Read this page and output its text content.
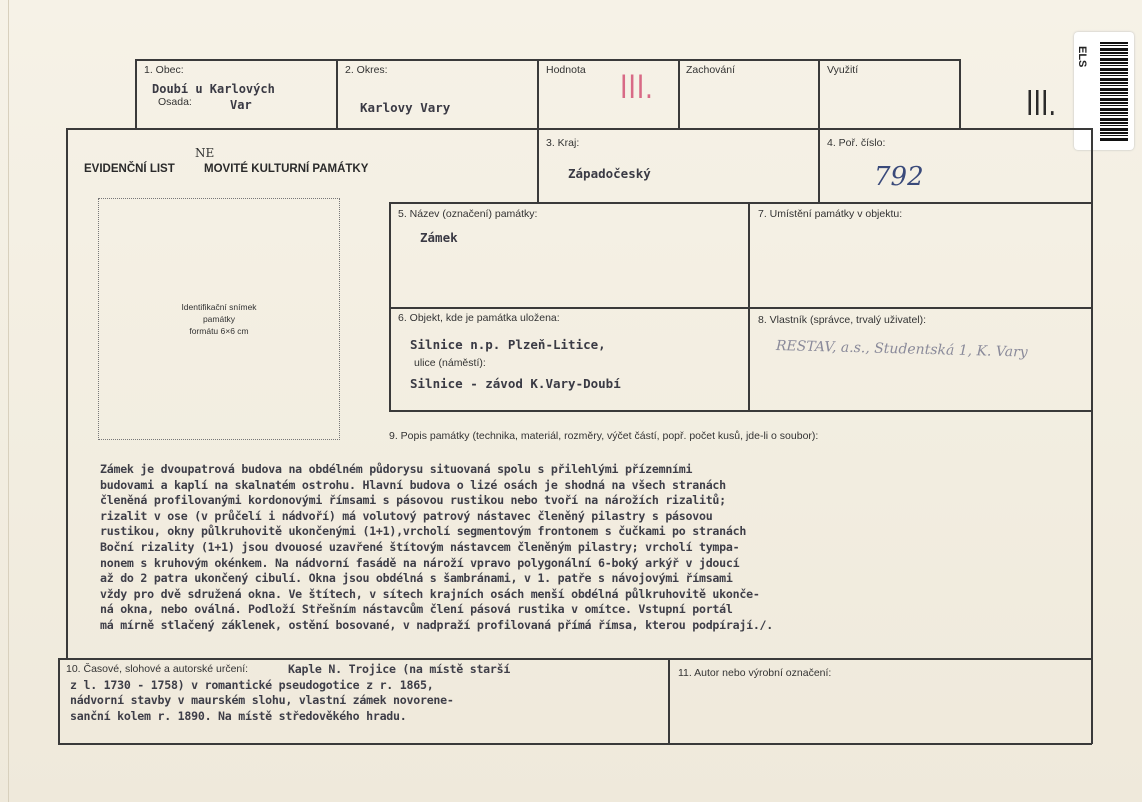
1. Obec:
Doubí u Karlových
Osada:	Var
2. Okres:
Karlovy Vary
Hodnota III.	Zachování	Využití
III.
ELS
EVIDENČNÍ LIST
NE
MOVITÉ KULTURNÍ PAMÁTKY
3. Kraj:
Západočeský
4. Poř. číslo:
792
Identifikační snímek
památky
formátu 6×6 cm
5. Název (označení) památky:
Zámek
7. Umístění památky v objektu:
6. Objekt, kde je památka uložena:
Silnice n.p. Plzeň-Litice,
ulice (náměstí):
Silnice - závod K.Vary-Doubí
8. Vlastník (správce, trvalý uživatel):
RESTAV, a.s., Studentská 1, K. Vary
9. Popis památky (technika, materiál, rozměry, výčet částí, popř. počet kusů, jde-li o soubor):
Zámek je dvoupatrová budova na obdélném půdorysu situovaná spolu s přilehlými přízemními
budovami a kaplí na skalnatém ostrohu. Hlavní budova o lizé osách je shodná na všech stranách
členěná profilovanými kordonovými římsami s pásovou rustikou nebo tvoří na nárožích rizalitů;
rizalit v ose (v průčelí i nádvoří) má volutový patrový nástavec členěný pilastry s pásovou
rustikou, okny půlkruhovitě ukončenými (1+1),vrcholí segmentovým frontonem s čučkami po stranách
Boční rizality (1+1) jsou dvouosé uzavřené štítovým nástavcem členěným pilastry; vrcholí tympa-
nonem s kruhovým okénkem. Na nádvorní fasádě na nároží vpravo polygonální 6-boký arkýř v jdoucí
až do 2 patra ukončený cibulí. Okna jsou obdélná s šambránami, v 1. patře s návojovými římsami
vždy pro dvě sdružená okna. Ve štítech, v sítech krajních osách menší obdélná půlkruhovitě ukonče-
ná okna, nebo oválná. Podloží Střešním nástavcům člení pásová rustika v omítce. Vstupní portál
má mírně stlačený záklenek, ostění bosované, v nadpraží profilovaná přímá římsa, kterou podpírají./.
10. Časové, slohové a autorské určení:	Kaple N. Trojice (na místě starší
z l. 1730 - 1758) v romantické pseudogotice z r. 1865,
nádvorní stavby v maurském slohu, vlastní zámek novorene-
sanční kolem r. 1890. Na místě středověkého hradu.
11. Autor nebo výrobní označení:
